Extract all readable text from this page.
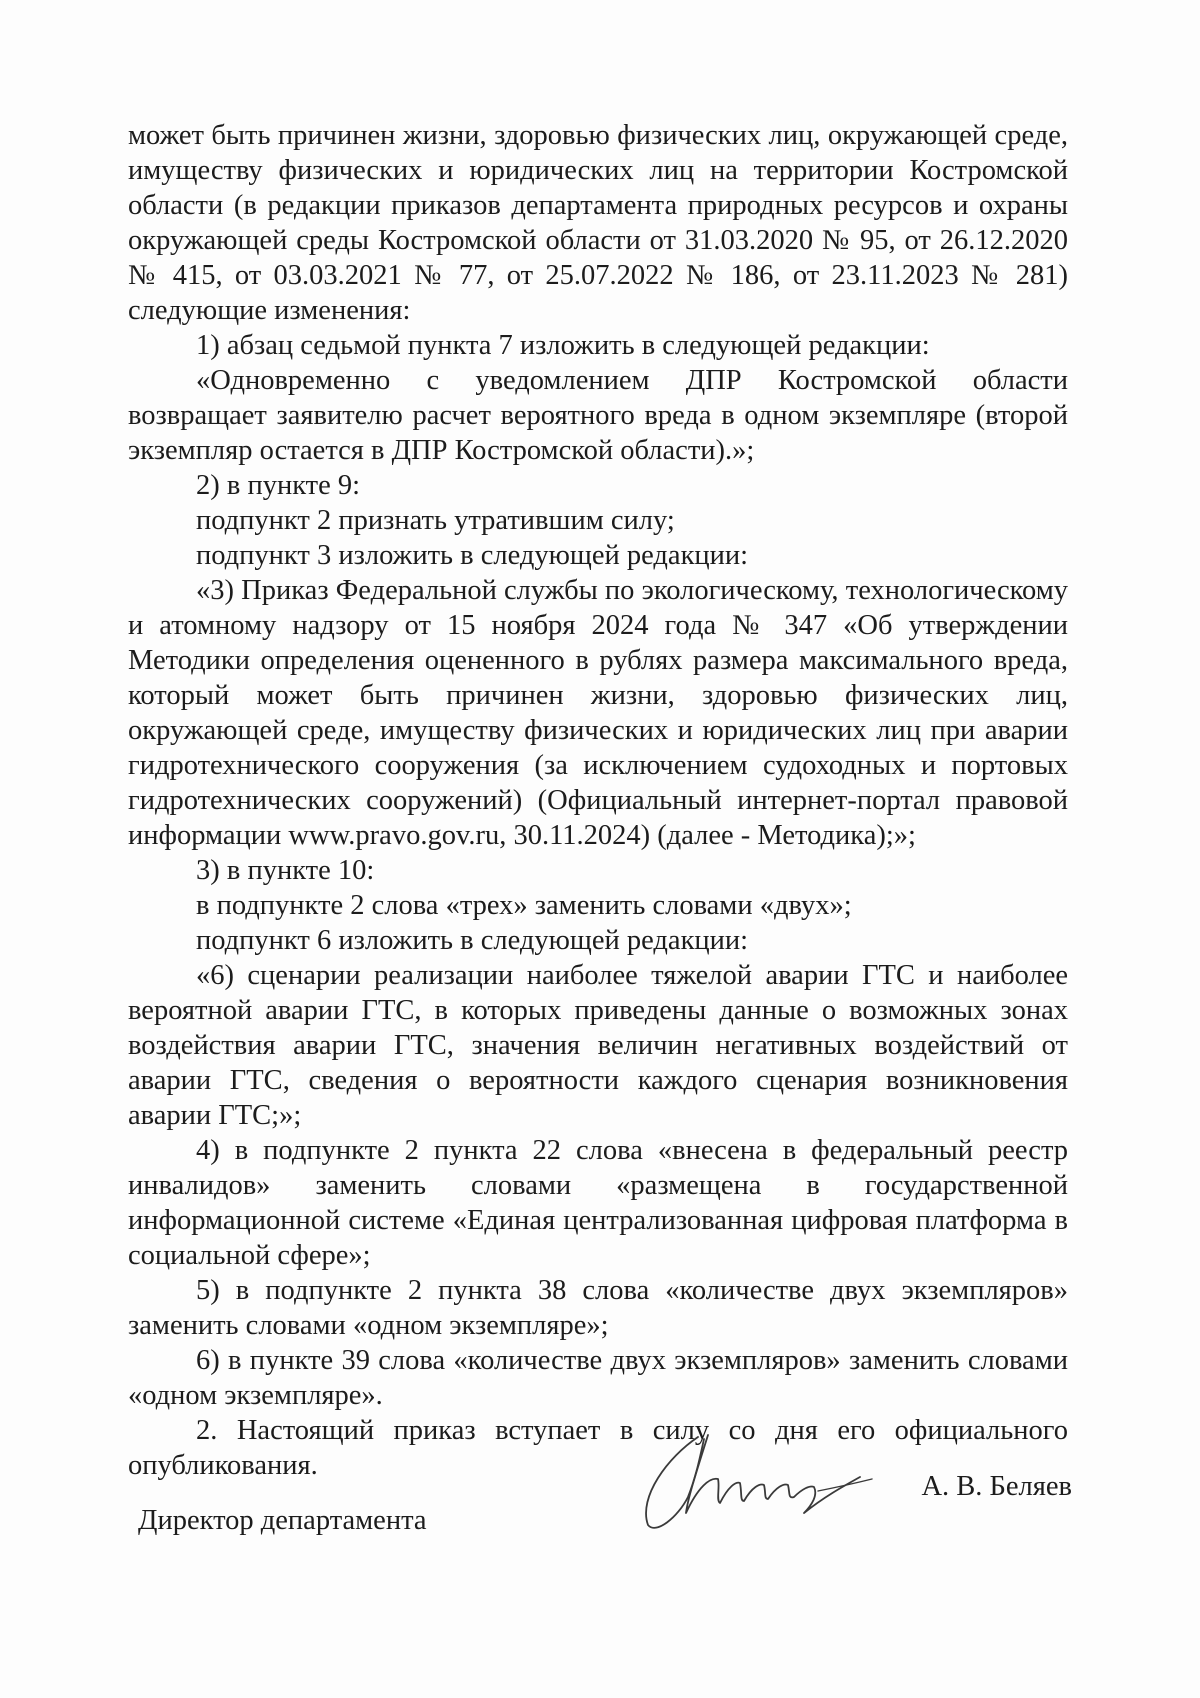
может быть причинен жизни, здоровью физических лиц, окружающей среде, имуществу физических и юридических лиц на территории Костромской области (в редакции приказов департамента природных ресурсов и охраны окружающей среды Костромской области от 31.03.2020 № 95, от 26.12.2020 № 415, от 03.03.2021 № 77, от 25.07.2022 № 186, от 23.11.2023 № 281) следующие изменения:

1) абзац седьмой пункта 7 изложить в следующей редакции:

«Одновременно с уведомлением ДПР Костромской области возвращает заявителю расчет вероятного вреда в одном экземпляре (второй экземпляр остается в ДПР Костромской области).»;

2) в пункте 9:

подпункт 2 признать утратившим силу;

подпункт 3 изложить в следующей редакции:

«3) Приказ Федеральной службы по экологическому, технологическому и атомному надзору от 15 ноября 2024 года № 347 «Об утверждении Методики определения оцененного в рублях размера максимального вреда, который может быть причинен жизни, здоровью физических лиц, окружающей среде, имуществу физических и юридических лиц при аварии гидротехнического сооружения (за исключением судоходных и портовых гидротехнических сооружений) (Официальный интернет-портал правовой информации www.pravo.gov.ru, 30.11.2024) (далее - Методика);»;

3) в пункте 10:

в подпункте 2 слова «трех» заменить словами «двух»;

подпункт 6 изложить в следующей редакции:

«6) сценарии реализации наиболее тяжелой аварии ГТС и наиболее вероятной аварии ГТС, в которых приведены данные о возможных зонах воздействия аварии ГТС, значения величин негативных воздействий от аварии ГТС, сведения о вероятности каждого сценария возникновения аварии ГТС;»;

4) в подпункте 2 пункта 22 слова «внесена в федеральный реестр инвалидов» заменить словами «размещена в государственной информационной системе «Единая централизованная цифровая платформа в социальной сфере»;

5) в подпункте 2 пункта 38 слова «количестве двух экземпляров» заменить словами «одном экземпляре»;

6) в пункте 39 слова «количестве двух экземпляров» заменить словами «одном экземпляре».

2. Настоящий приказ вступает в силу со дня его официального опубликования.

Директор департамента
А. В. Беляев
